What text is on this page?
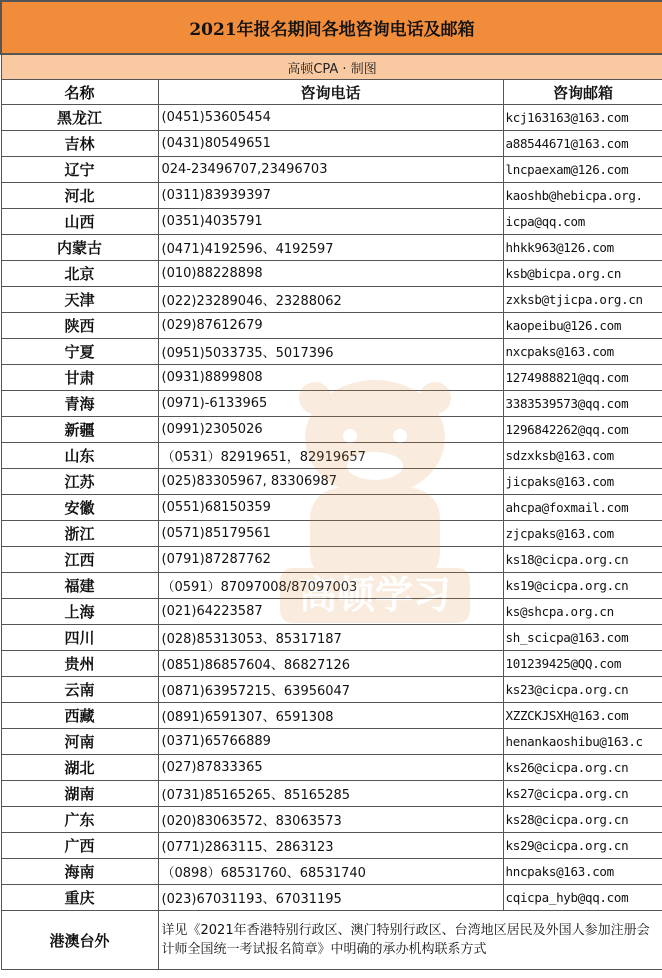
2021年报名期间各地咨询电话及邮箱		
高顿CPA · 制图		
名称	咨询电话	咨询邮箱
黑龙江	(0451)53605454	kcj163163@163.com
吉林	(0431)80549651	a88544671@163.com
辽宁	024-23496707,23496703	lncpaexam@126.com
河北	(0311)83939397	kaoshb@hebicpa.org.
山西	(0351)4035791	icpa@qq.com
内蒙古	(0471)4192596、4192597	hhkk963@126.com
北京	(010)88228898	ksb@bicpa.org.cn
天津	(022)23289046、23288062	zxksb@tjicpa.org.cn
陕西	(029)87612679	kaopeibu@126.com
宁夏	(0951)5033735、5017396	nxcpaks@163.com
甘肃	(0931)8899808	1274988821@qq.com
青海	(0971)-6133965	3383539573@qq.com
新疆	(0991)2305026	1296842262@qq.com
山东	（0531）82919651，82919657	sdzxksb@163.com
江苏	(025)83305967, 83306987	jicpaks@163.com
安徽	(0551)68150359	ahcpa@foxmail.com
浙江	(0571)85179561	zjcpaks@163.com
江西	(0791)87287762	ks18@cicpa.org.cn
福建	（0591）87097008/87097003	ks19@cicpa.org.cn
上海	(021)64223587	ks@shcpa.org.cn
四川	(028)85313053、85317187	sh_scicpa@163.com
贵州	(0851)86857604、86827126	101239425@QQ.com
云南	(0871)63957215、63956047	ks23@cicpa.org.cn
西藏	(0891)6591307、6591308	XZZCKJSXH@163.com
河南	(0371)65766889	henankaoshibu@163.c
湖北	(027)87833365	ks26@cicpa.org.cn
湖南	(0731)85165265、85165285	ks27@cicpa.org.cn
广东	(020)83063572、83063573	ks28@cicpa.org.cn
广西	(0771)2863115、2863123	ks29@cicpa.org.cn
海南	（0898）68531760、68531740	hncpaks@163.com
重庆	(023)67031193、67031195	cqicpa_hyb@qq.com
港澳台外	详见《2021年香港特别行政区、澳门特别行政区、台湾地区居民及外国人参加注册会计师全国统一考试报名简章》中明确的承办机构联系方式	
高顿学习
